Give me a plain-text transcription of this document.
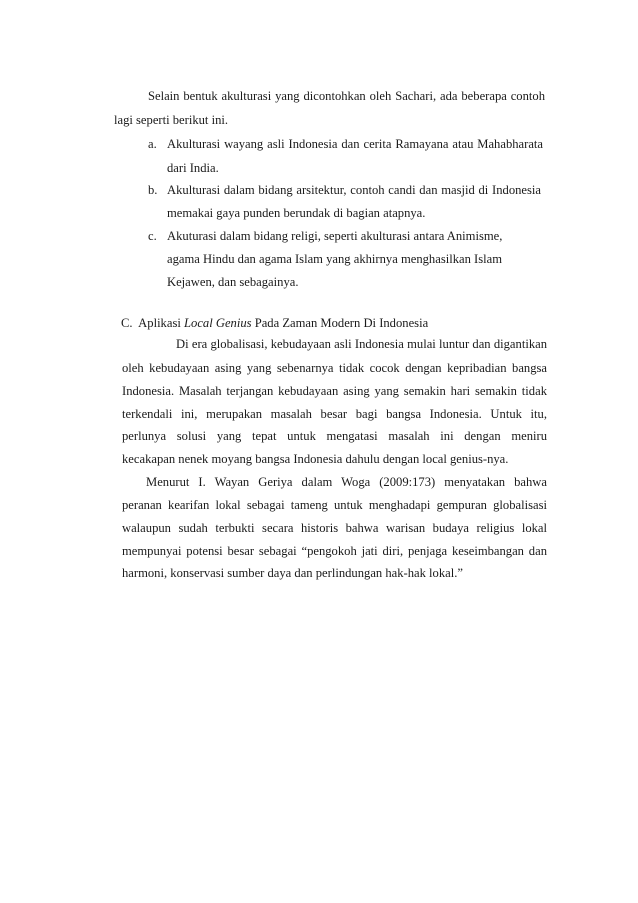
Selain bentuk akulturasi yang dicontohkan oleh Sachari, ada beberapa contoh
lagi seperti berikut ini.
a. Akulturasi wayang asli Indonesia dan cerita Ramayana atau Mahabharata
dari India.
b. Akulturasi dalam bidang arsitektur, contoh candi dan masjid di Indonesia
memakai gaya punden berundak di bagian atapnya.
c. Akuturasi dalam bidang religi, seperti akulturasi antara Animisme,
agama Hindu dan agama Islam yang akhirnya menghasilkan Islam
Kejawen, dan sebagainya.
C. Aplikasi Local Genius Pada Zaman Modern Di Indonesia
Di era globalisasi, kebudayaan asli Indonesia mulai luntur dan digantikan
oleh kebudayaan asing yang sebenarnya tidak cocok dengan kepribadian bangsa
Indonesia. Masalah terjangan kebudayaan asing yang semakin hari semakin tidak
terkendali ini, merupakan masalah besar bagi bangsa Indonesia. Untuk itu,
perlunya solusi yang tepat untuk mengatasi masalah ini dengan meniru
kecakapan nenek moyang bangsa Indonesia dahulu dengan local genius-nya.
Menurut I. Wayan Geriya dalam Woga (2009:173) menyatakan bahwa
peranan kearifan lokal sebagai tameng untuk menghadapi gempuran globalisasi
walaupun sudah terbukti secara historis bahwa warisan budaya religius lokal
mempunyai potensi besar sebagai “pengokoh jati diri, penjaga keseimbangan dan
harmoni, konservasi sumber daya dan perlindungan hak-hak lokal.”
